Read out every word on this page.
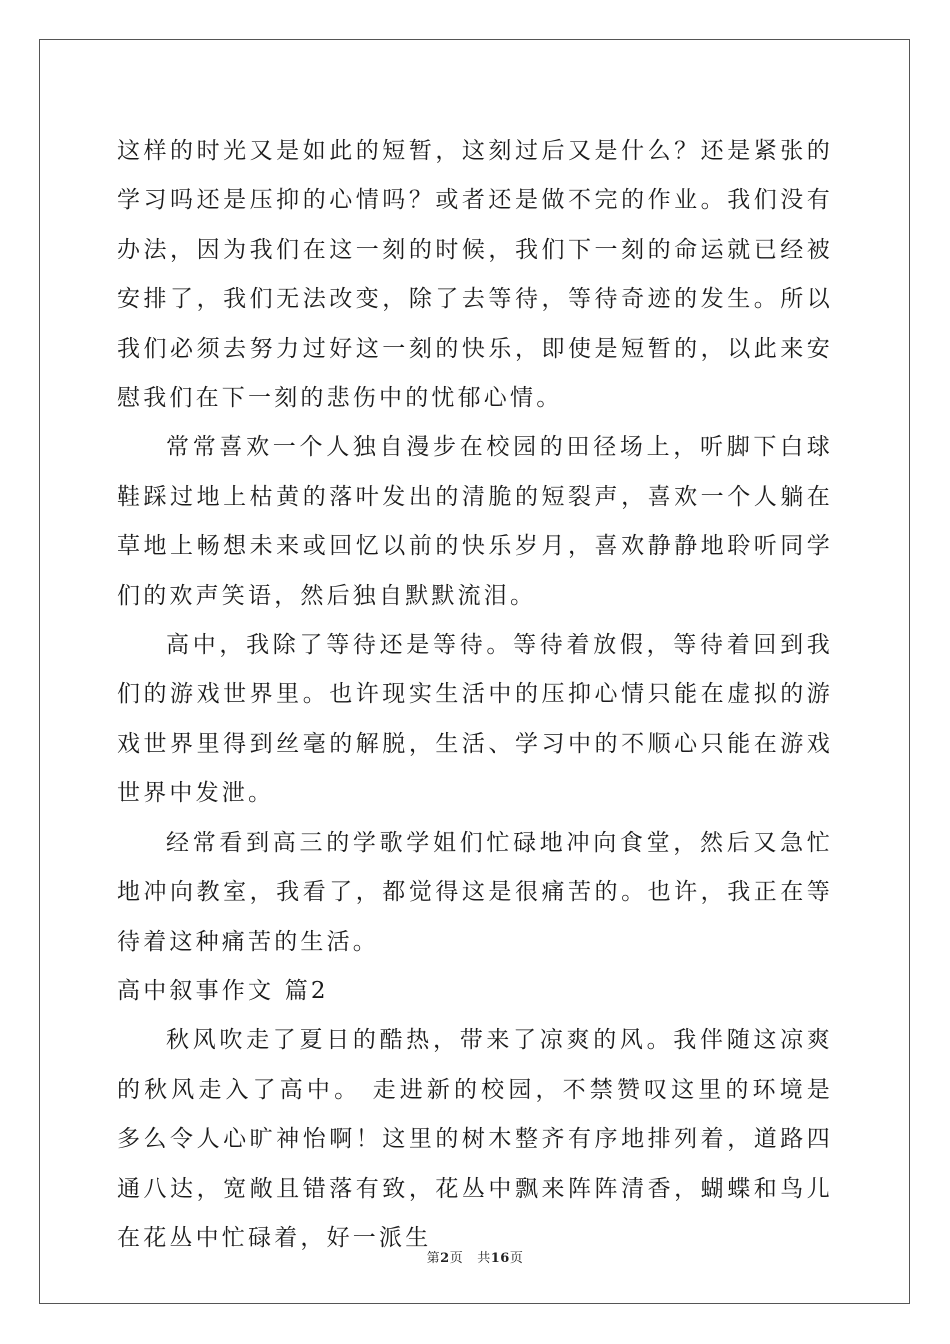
这样的时光又是如此的短暂，这刻过后又是什么？还是紧张的学习吗还是压抑的心情吗？或者还是做不完的作业。我们没有办法，因为我们在这一刻的时候，我们下一刻的命运就已经被安排了，我们无法改变，除了去等待，等待奇迹的发生。所以我们必须去努力过好这一刻的快乐，即使是短暂的，以此来安慰我们在下一刻的悲伤中的忧郁心情。

常常喜欢一个人独自漫步在校园的田径场上，听脚下白球鞋踩过地上枯黄的落叶发出的清脆的短裂声，喜欢一个人躺在草地上畅想未来或回忆以前的快乐岁月，喜欢静静地聆听同学们的欢声笑语，然后独自默默流泪。

高中，我除了等待还是等待。等待着放假，等待着回到我们的游戏世界里。也许现实生活中的压抑心情只能在虚拟的游戏世界里得到丝毫的解脱，生活、学习中的不顺心只能在游戏世界中发泄。

经常看到高三的学歌学姐们忙碌地冲向食堂，然后又急忙地冲向教室，我看了，都觉得这是很痛苦的。也许，我正在等待着这种痛苦的生活。

高中叙事作文 篇2

秋风吹走了夏日的酷热，带来了凉爽的风。我伴随这凉爽的秋风走入了高中。 走进新的校园，不禁赞叹这里的环境是多么令人心旷神怡啊！这里的树木整齐有序地排列着，道路四通八达，宽敞且错落有致，花丛中飘来阵阵清香，蝴蝶和鸟儿在花丛中忙碌着，好一派生

第2页 共16页
